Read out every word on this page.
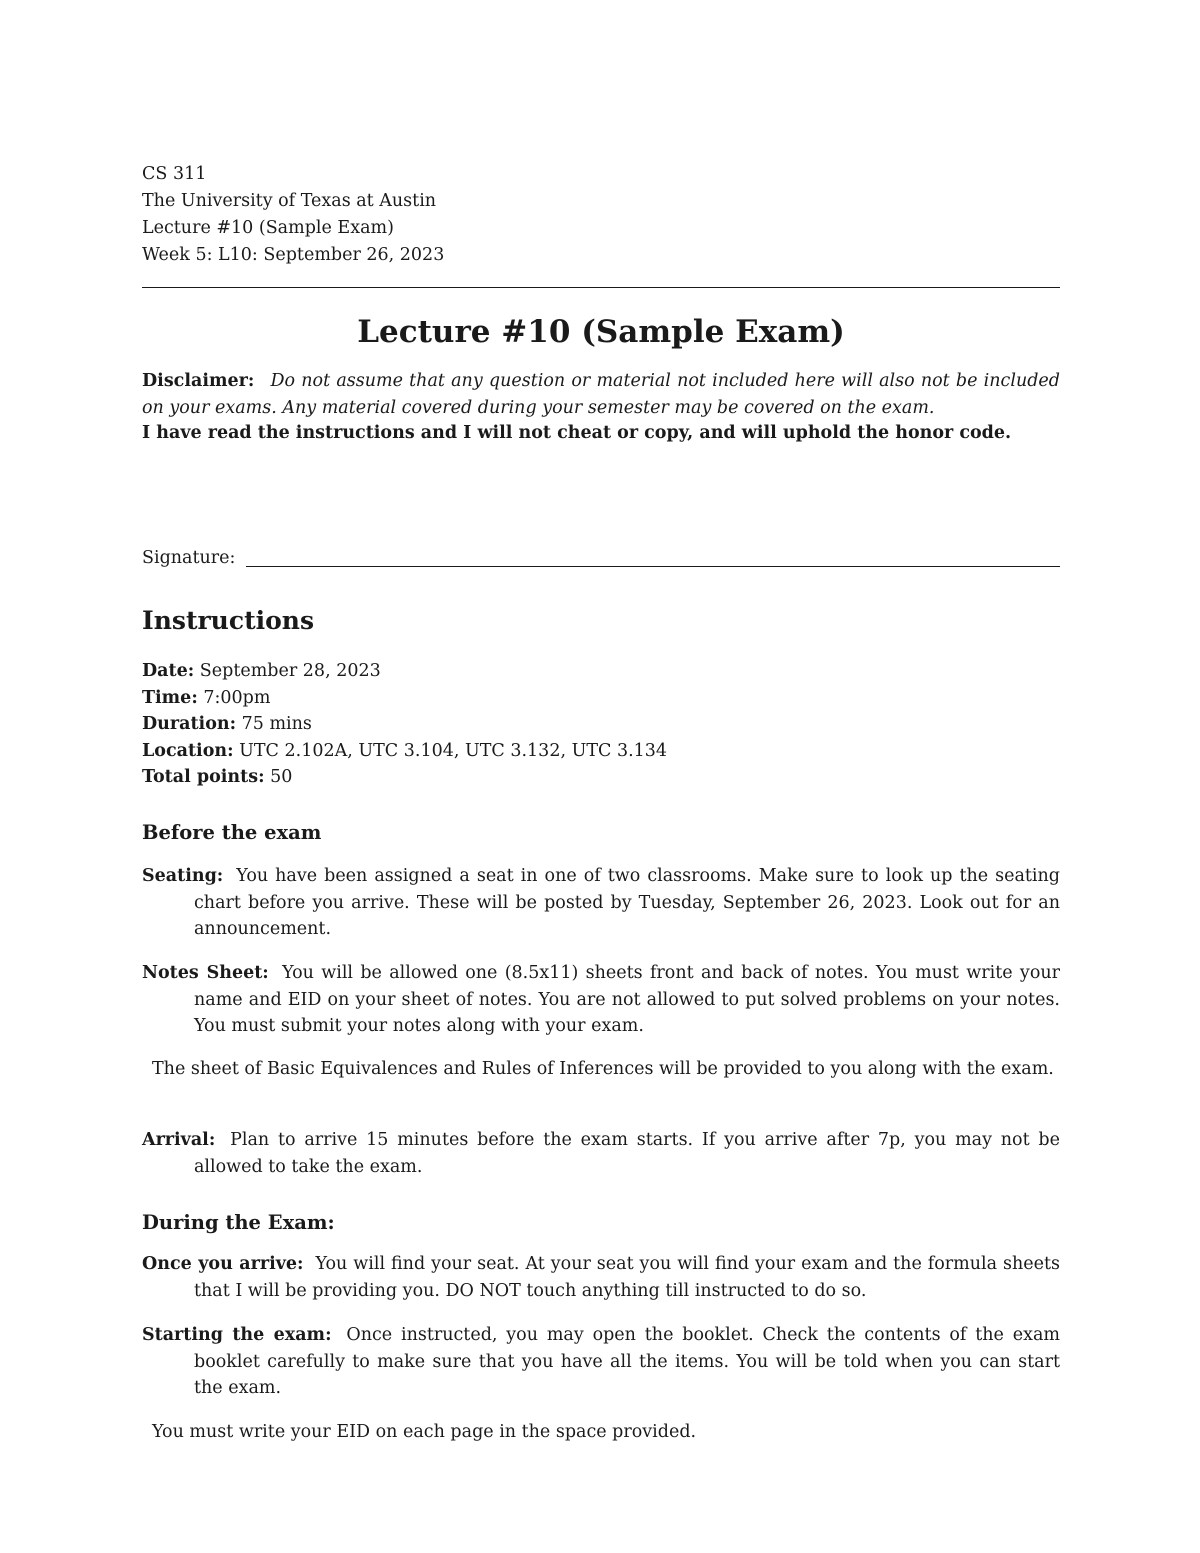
CS 311
The University of Texas at Austin
Lecture #10 (Sample Exam)
Week 5: L10: September 26, 2023
Lecture #10 (Sample Exam)
Disclaimer: Do not assume that any question or material not included here will also not be included on your exams. Any material covered during your semester may be covered on the exam.
I have read the instructions and I will not cheat or copy, and will uphold the honor code.
Signature:
Instructions
Date: September 28, 2023
Time: 7:00pm
Duration: 75 mins
Location: UTC 2.102A, UTC 3.104, UTC 3.132, UTC 3.134
Total points: 50
Before the exam
Seating: You have been assigned a seat in one of two classrooms. Make sure to look up the seating chart before you arrive. These will be posted by Tuesday, September 26, 2023. Look out for an announcement.
Notes Sheet: You will be allowed one (8.5x11) sheets front and back of notes. You must write your name and EID on your sheet of notes. You are not allowed to put solved problems on your notes. You must submit your notes along with your exam.
The sheet of Basic Equivalences and Rules of Inferences will be provided to you along with the exam.
Arrival: Plan to arrive 15 minutes before the exam starts. If you arrive after 7p, you may not be allowed to take the exam.
During the Exam:
Once you arrive: You will find your seat. At your seat you will find your exam and the formula sheets that I will be providing you. DO NOT touch anything till instructed to do so.
Starting the exam: Once instructed, you may open the booklet. Check the contents of the exam booklet carefully to make sure that you have all the items. You will be told when you can start the exam.
You must write your EID on each page in the space provided.
